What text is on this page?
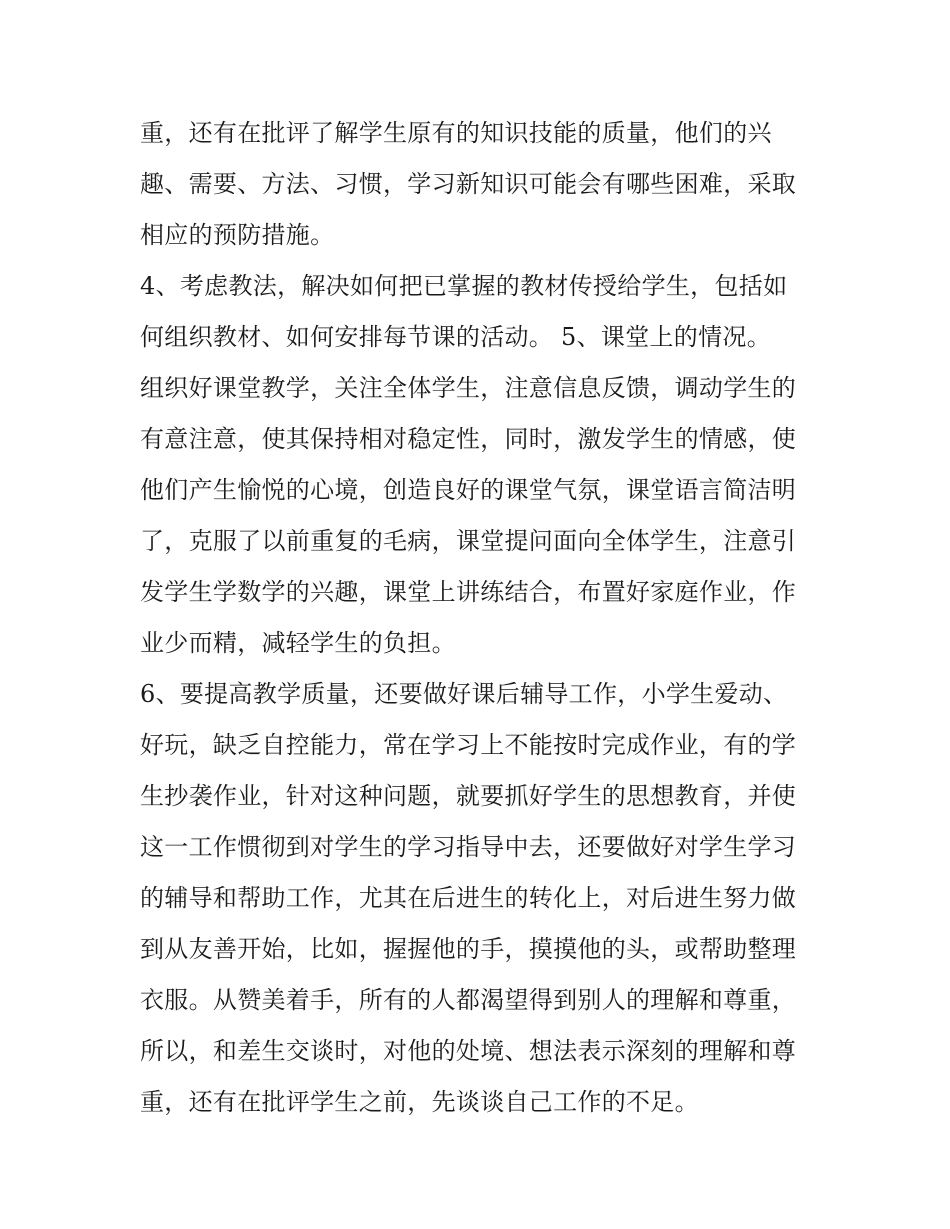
重，还有在批评了解学生原有的知识技能的质量，他们的兴
趣、需要、方法、习惯，学习新知识可能会有哪些困难，采取
相应的预防措施。
4、考虑教法，解决如何把已掌握的教材传授给学生，包括如
何组织教材、如何安排每节课的活动。 5、课堂上的情况。
组织好课堂教学，关注全体学生，注意信息反馈，调动学生的
有意注意，使其保持相对稳定性，同时，激发学生的情感，使
他们产生愉悦的心境，创造良好的课堂气氛，课堂语言简洁明
了，克服了以前重复的毛病，课堂提问面向全体学生，注意引
发学生学数学的兴趣，课堂上讲练结合，布置好家庭作业，作
业少而精，减轻学生的负担。
6、要提高教学质量，还要做好课后辅导工作，小学生爱动、
好玩，缺乏自控能力，常在学习上不能按时完成作业，有的学
生抄袭作业，针对这种问题，就要抓好学生的思想教育，并使
这一工作惯彻到对学生的学习指导中去，还要做好对学生学习
的辅导和帮助工作，尤其在后进生的转化上，对后进生努力做
到从友善开始，比如，握握他的手，摸摸他的头，或帮助整理
衣服。从赞美着手，所有的人都渴望得到别人的理解和尊重，
所以，和差生交谈时，对他的处境、想法表示深刻的理解和尊
重，还有在批评学生之前，先谈谈自己工作的不足。
